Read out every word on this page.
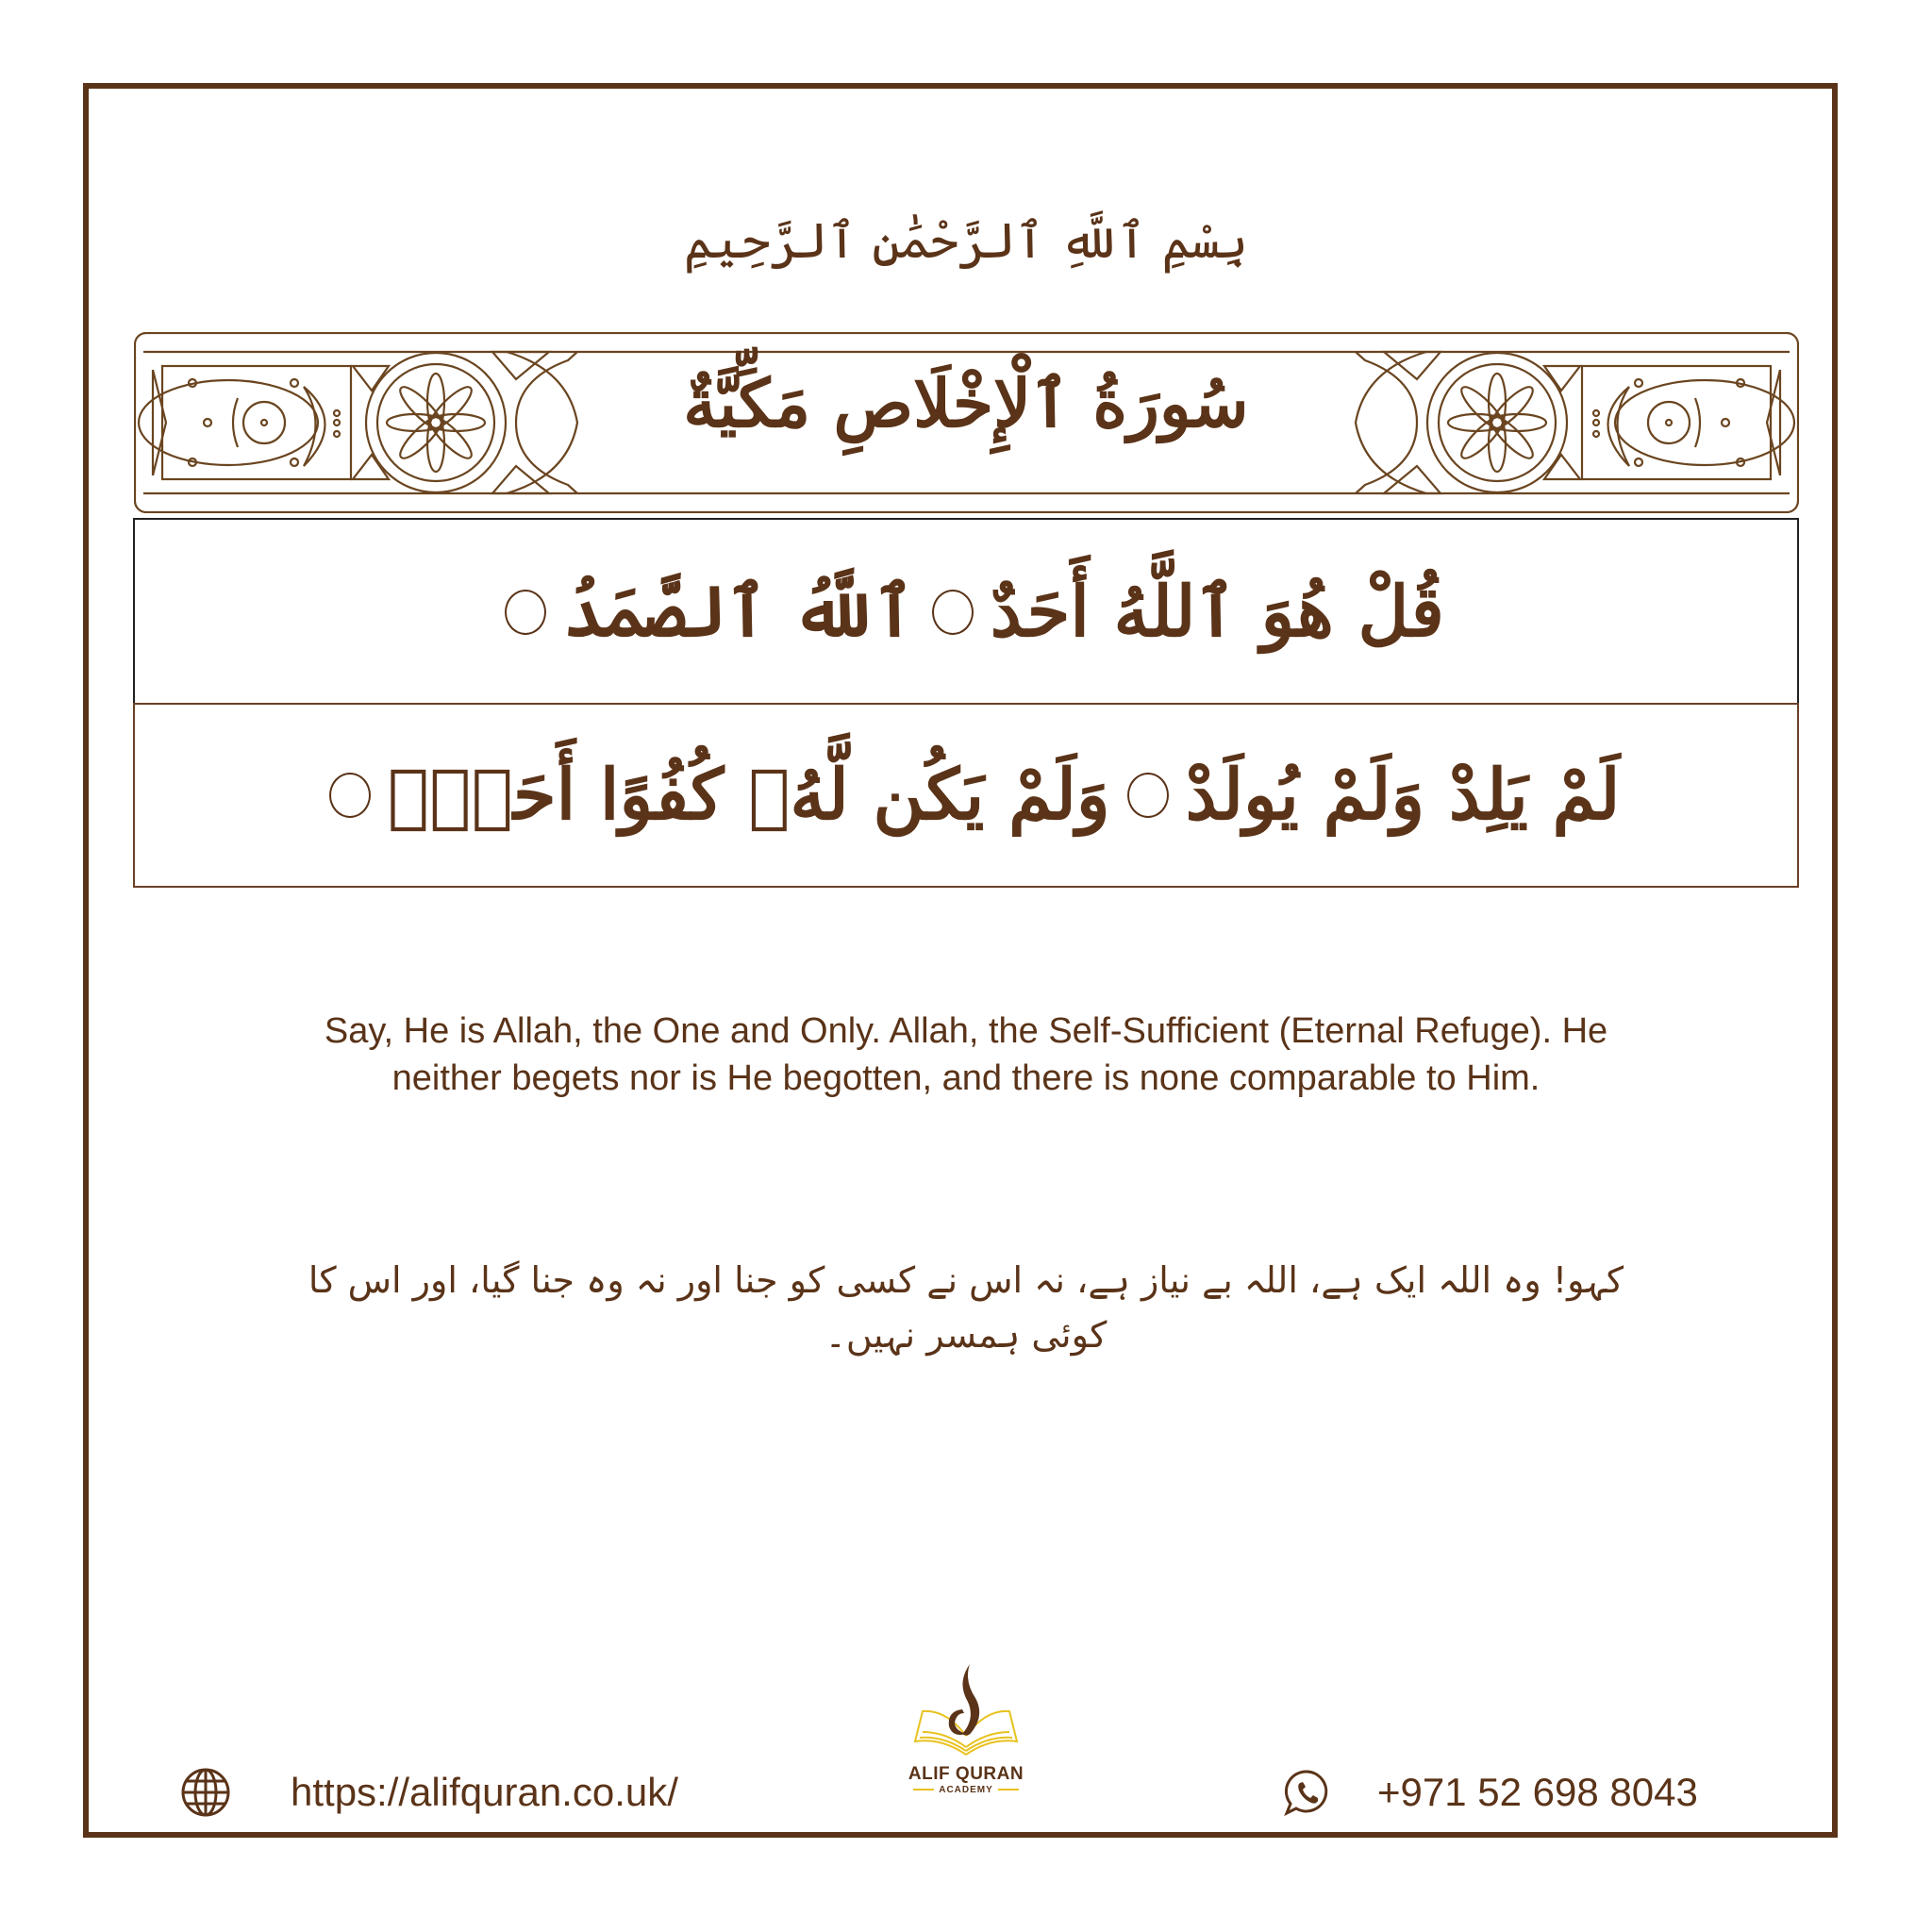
بِسْمِ ٱللَّهِ ٱلرَّحْمَٰنِ ٱلرَّحِيمِ
سُورَةُ ٱلْإِخْلَاصِ مَكِّيَّةٌ
قُلْ هُوَ ٱللَّهُ أَحَدٌ
ٱللَّهُ ٱلصَّمَدُ
لَمْ يَلِدْ وَلَمْ يُولَدْ
وَلَمْ يَكُن لَّهُۥ كُفُوًا أَحَدٌۢ
Say, He is Allah, the One and Only. Allah, the Self-Sufficient (Eternal Refuge). He neither begets nor is He begotten, and there is none comparable to Him.
کہو! وہ اللہ ایک ہے، اللہ بے نیاز ہے، نہ اس نے کسی کو جنا اور نہ وہ جنا گیا، اور اس کا کوئی ہمسر نہیں۔
ALIF QURAN
ACADEMY
https://alifquran.co.uk/	+971 52 698 8043
